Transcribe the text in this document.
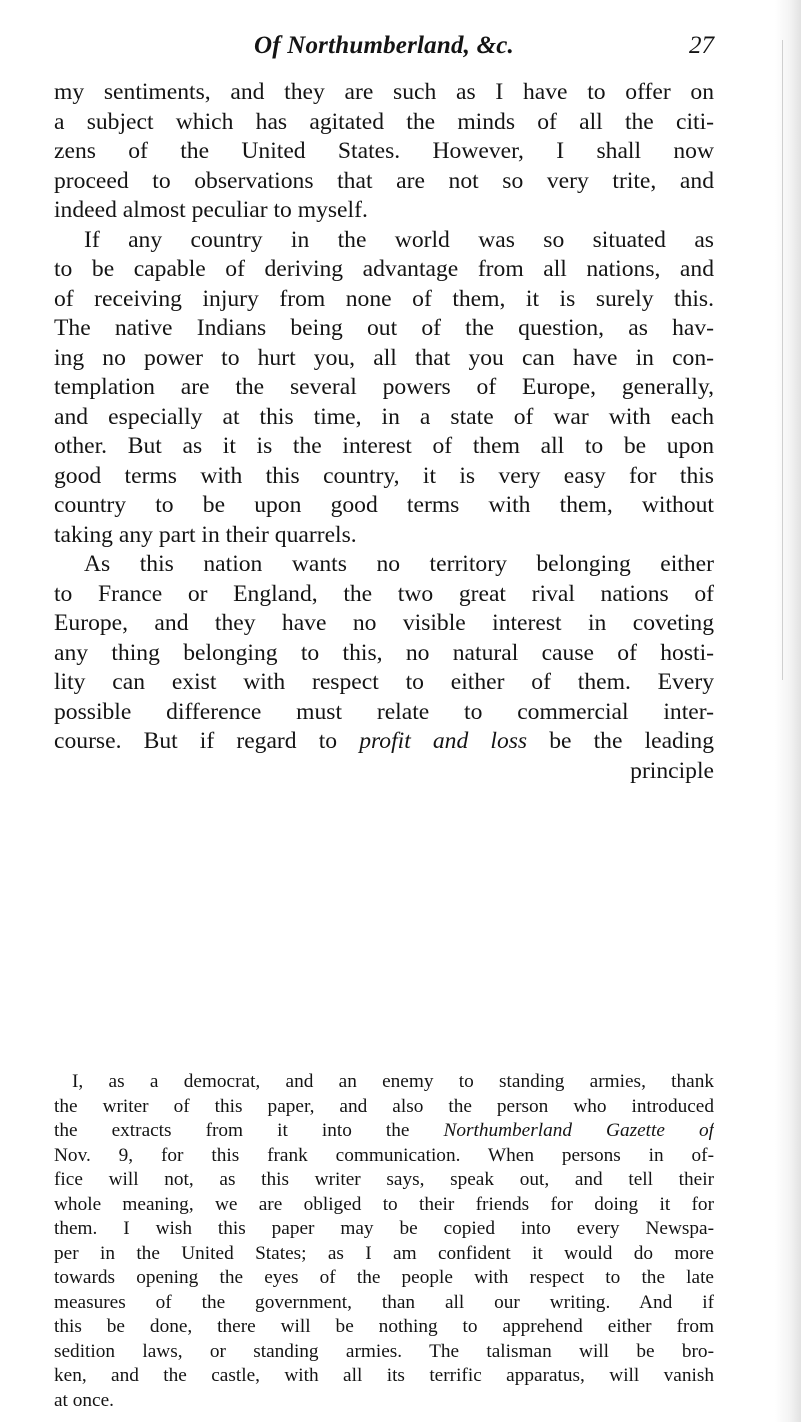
Of Northumberland, &c.	27
my sentiments, and they are such as I have to offer on
a subject which has agitated the minds of all the citi-
zens of the United States. However, I shall now
proceed to observations that are not so very trite, and
indeed almost peculiar to myself.
If any country in the world was so situated as
to be capable of deriving advantage from all nations, and
of receiving injury from none of them, it is surely this.
The native Indians being out of the question, as hav-
ing no power to hurt you, all that you can have in con-
templation are the several powers of Europe, generally,
and especially at this time, in a state of war with each
other. But as it is the interest of them all to be upon
good terms with this country, it is very easy for this
country to be upon good terms with them, without
taking any part in their quarrels.
As this nation wants no territory belonging either
to France or England, the two great rival nations of
Europe, and they have no visible interest in coveting
any thing belonging to this, no natural cause of hosti-
lity can exist with respect to either of them. Every
possible difference must relate to commercial inter-
course. But if regard to profit and loss be the leading
principle
I, as a democrat, and an enemy to standing armies, thank
the writer of this paper, and also the person who introduced
the extracts from it into the Northumberland Gazette of
Nov. 9, for this frank communication. When persons in of-
fice will not, as this writer says, speak out, and tell their
whole meaning, we are obliged to their friends for doing it for
them. I wish this paper may be copied into every Newspa-
per in the United States; as I am confident it would do more
towards opening the eyes of the people with respect to the late
measures of the government, than all our writing. And if
this be done, there will be nothing to apprehend either from
sedition laws, or standing armies. The talisman will be bro-
ken, and the castle, with all its terrific apparatus, will vanish
at once.
